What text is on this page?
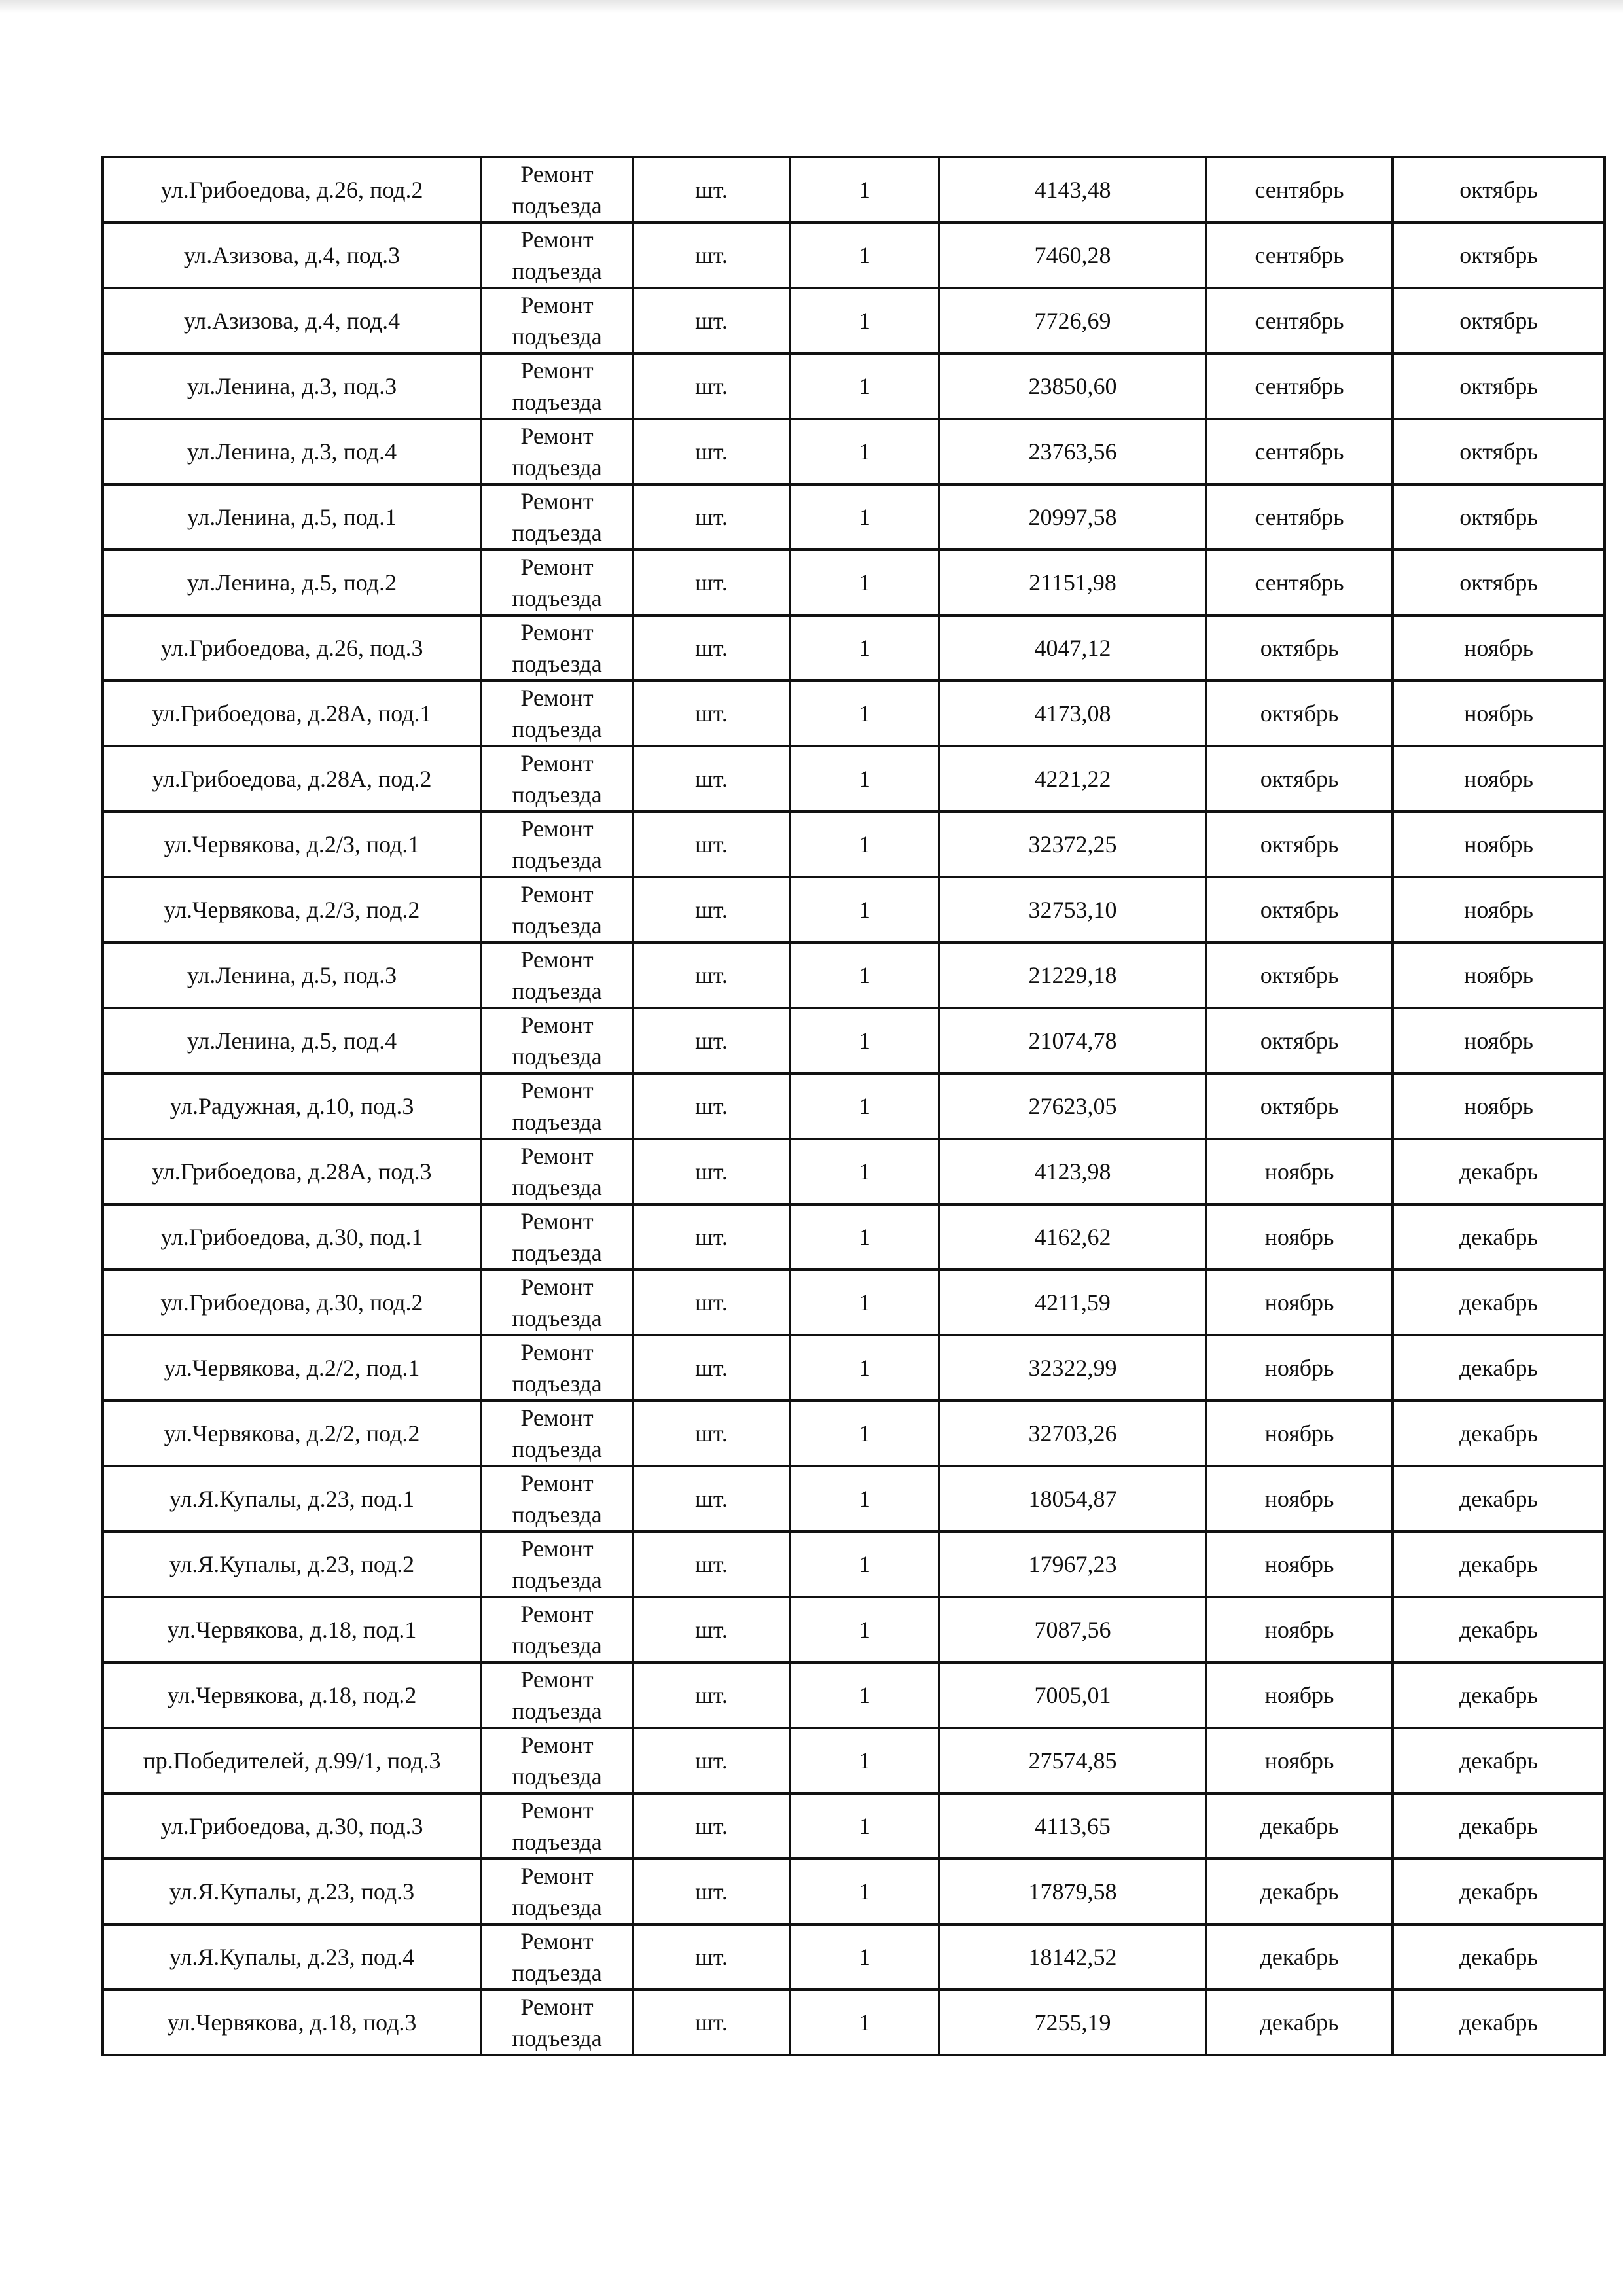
ул.Грибоедова, д.26, под.2	Ремонт подъезда	шт.	1	4143,48	сентябрь	октябрь
ул.Азизова, д.4, под.3	Ремонт подъезда	шт.	1	7460,28	сентябрь	октябрь
ул.Азизова, д.4, под.4	Ремонт подъезда	шт.	1	7726,69	сентябрь	октябрь
ул.Ленина, д.3, под.3	Ремонт подъезда	шт.	1	23850,60	сентябрь	октябрь
ул.Ленина, д.3, под.4	Ремонт подъезда	шт.	1	23763,56	сентябрь	октябрь
ул.Ленина, д.5, под.1	Ремонт подъезда	шт.	1	20997,58	сентябрь	октябрь
ул.Ленина, д.5, под.2	Ремонт подъезда	шт.	1	21151,98	сентябрь	октябрь
ул.Грибоедова, д.26, под.3	Ремонт подъезда	шт.	1	4047,12	октябрь	ноябрь
ул.Грибоедова, д.28А, под.1	Ремонт подъезда	шт.	1	4173,08	октябрь	ноябрь
ул.Грибоедова, д.28А, под.2	Ремонт подъезда	шт.	1	4221,22	октябрь	ноябрь
ул.Червякова, д.2/3, под.1	Ремонт подъезда	шт.	1	32372,25	октябрь	ноябрь
ул.Червякова, д.2/3, под.2	Ремонт подъезда	шт.	1	32753,10	октябрь	ноябрь
ул.Ленина, д.5, под.3	Ремонт подъезда	шт.	1	21229,18	октябрь	ноябрь
ул.Ленина, д.5, под.4	Ремонт подъезда	шт.	1	21074,78	октябрь	ноябрь
ул.Радужная, д.10, под.3	Ремонт подъезда	шт.	1	27623,05	октябрь	ноябрь
ул.Грибоедова, д.28А, под.3	Ремонт подъезда	шт.	1	4123,98	ноябрь	декабрь
ул.Грибоедова, д.30, под.1	Ремонт подъезда	шт.	1	4162,62	ноябрь	декабрь
ул.Грибоедова, д.30, под.2	Ремонт подъезда	шт.	1	4211,59	ноябрь	декабрь
ул.Червякова, д.2/2, под.1	Ремонт подъезда	шт.	1	32322,99	ноябрь	декабрь
ул.Червякова, д.2/2, под.2	Ремонт подъезда	шт.	1	32703,26	ноябрь	декабрь
ул.Я.Купалы, д.23, под.1	Ремонт подъезда	шт.	1	18054,87	ноябрь	декабрь
ул.Я.Купалы, д.23, под.2	Ремонт подъезда	шт.	1	17967,23	ноябрь	декабрь
ул.Червякова, д.18, под.1	Ремонт подъезда	шт.	1	7087,56	ноябрь	декабрь
ул.Червякова, д.18, под.2	Ремонт подъезда	шт.	1	7005,01	ноябрь	декабрь
пр.Победителей, д.99/1, под.3	Ремонт подъезда	шт.	1	27574,85	ноябрь	декабрь
ул.Грибоедова, д.30, под.3	Ремонт подъезда	шт.	1	4113,65	декабрь	декабрь
ул.Я.Купалы, д.23, под.3	Ремонт подъезда	шт.	1	17879,58	декабрь	декабрь
ул.Я.Купалы, д.23, под.4	Ремонт подъезда	шт.	1	18142,52	декабрь	декабрь
ул.Червякова, д.18, под.3	Ремонт подъезда	шт.	1	7255,19	декабрь	декабрь
